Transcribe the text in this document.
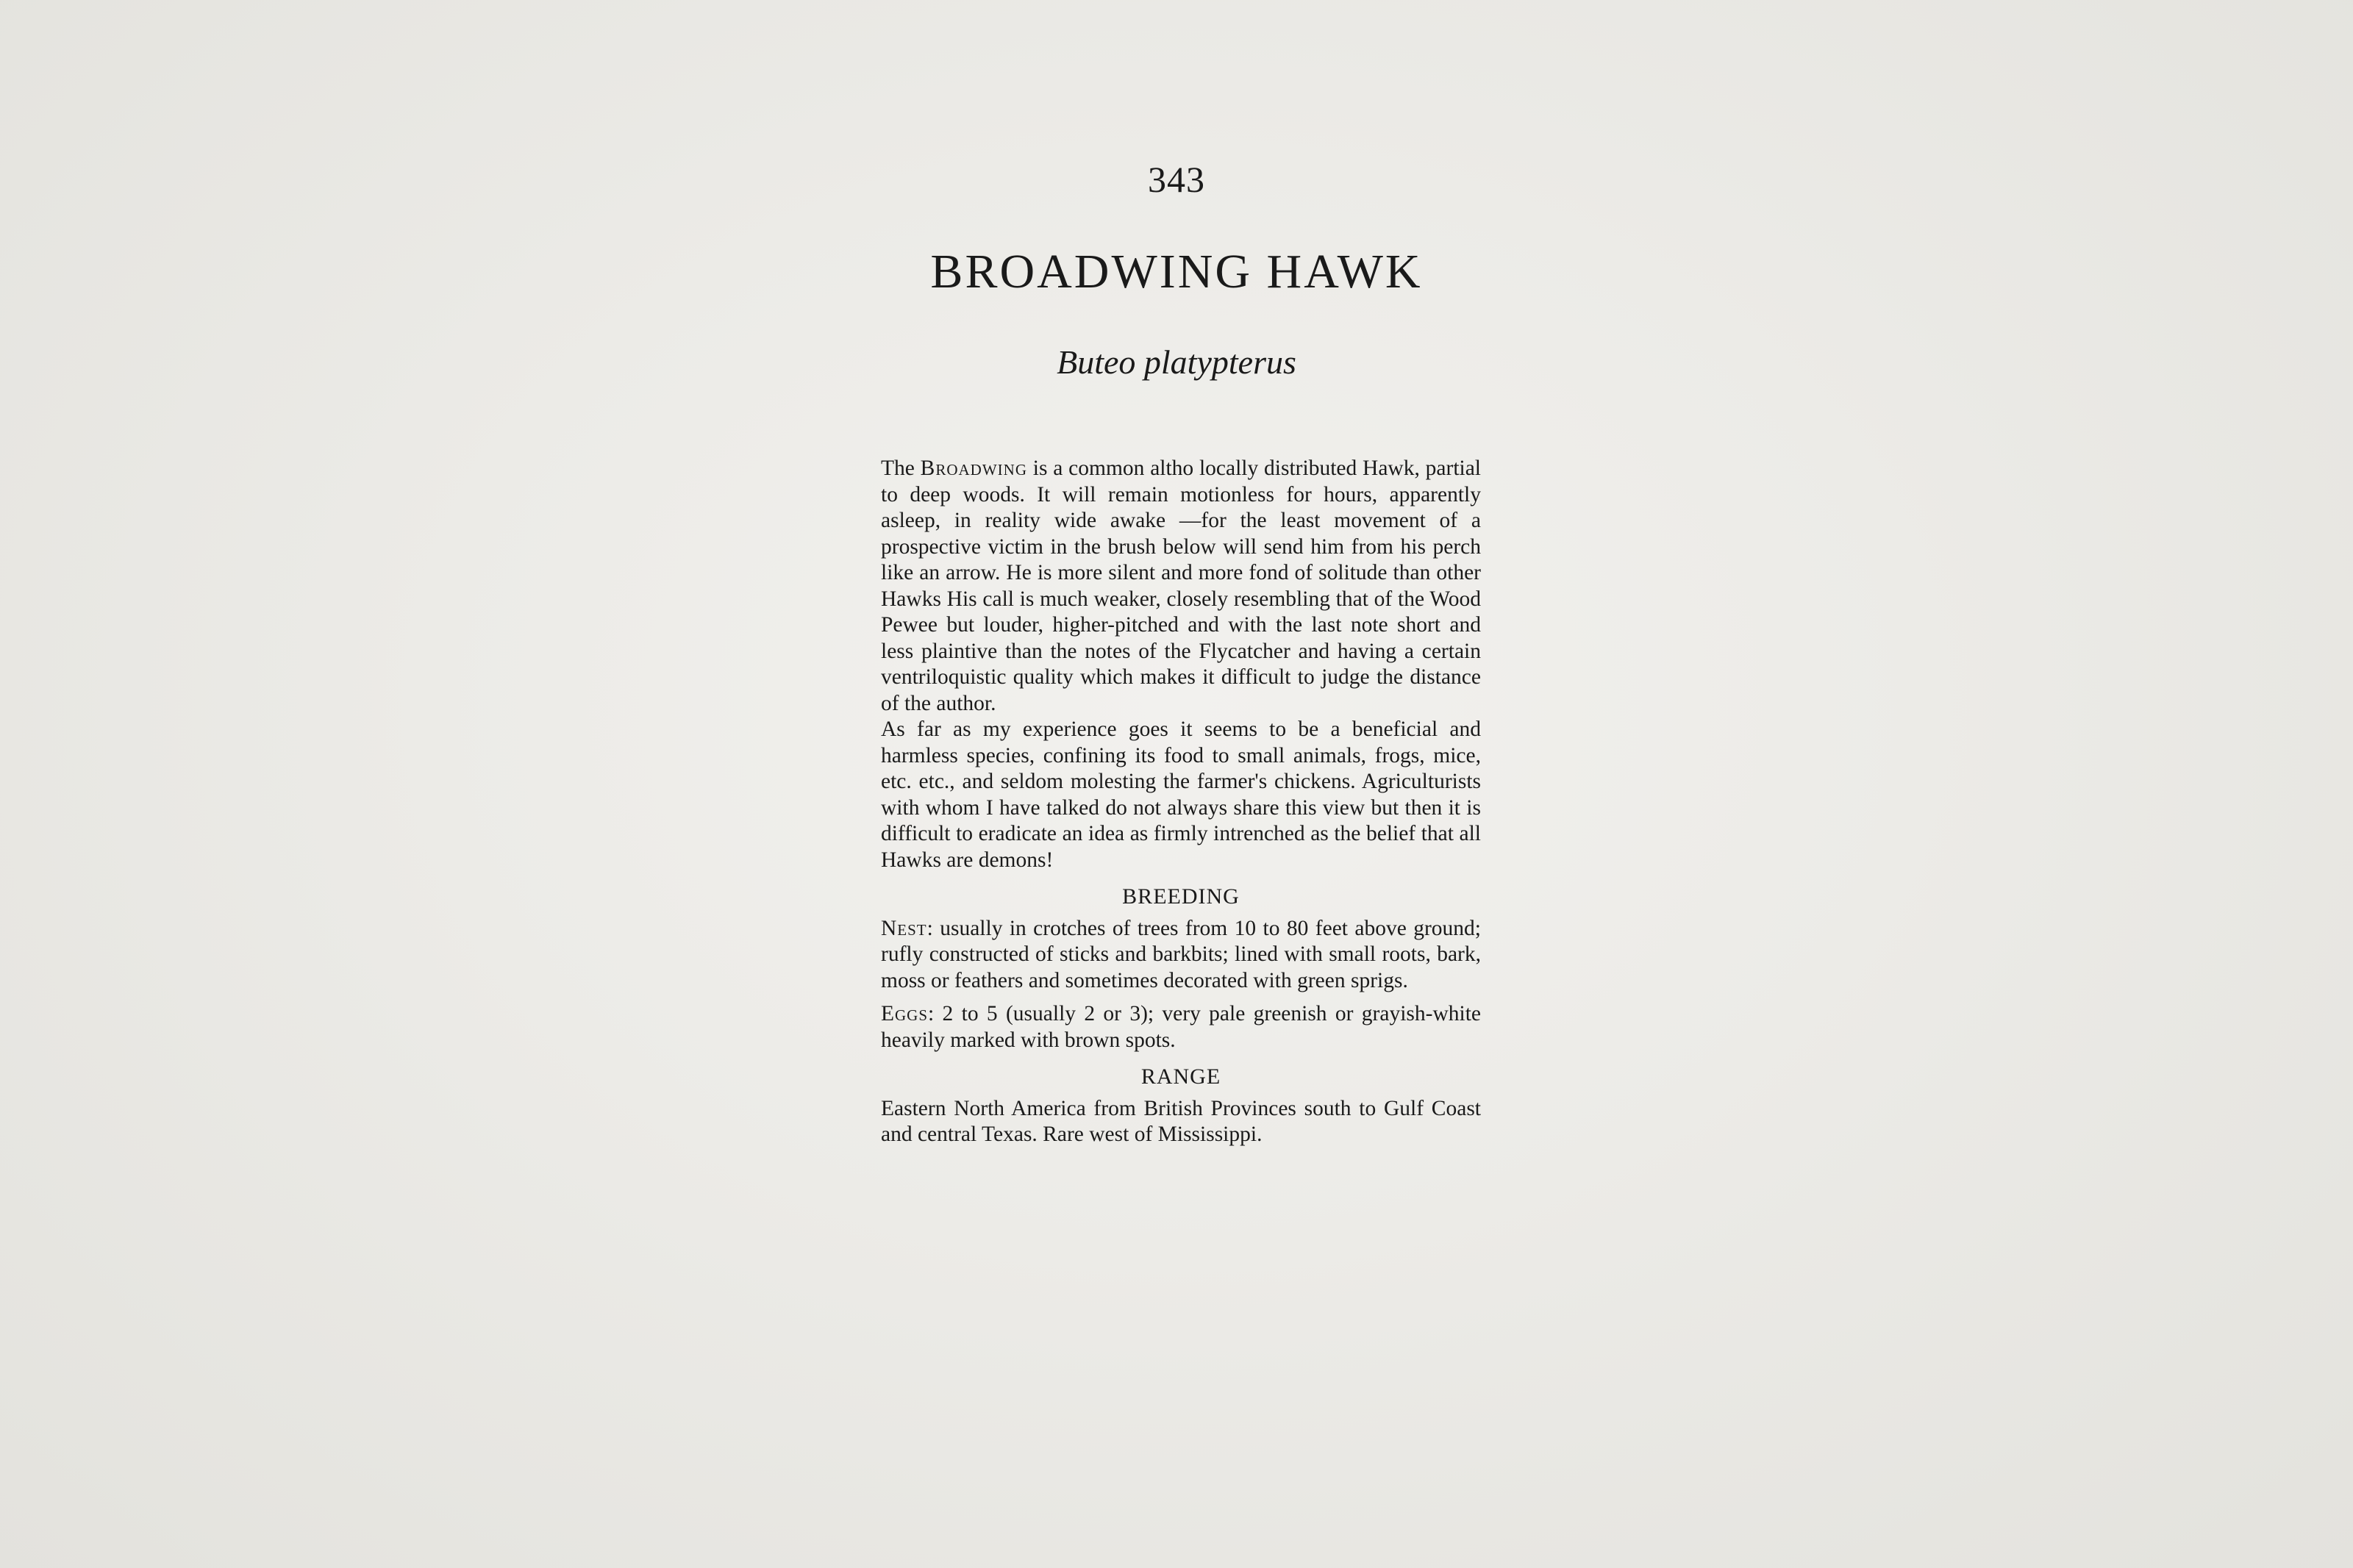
343
BROADWING HAWK
Buteo platypterus

The Broadwing is a common altho locally distributed Hawk, partial to deep woods. It will remain motionless for hours, apparently asleep, in reality wide awake —for the least movement of a prospective victim in the brush below will send him from his perch like an arrow. He is more silent and more fond of solitude than other Hawks His call is much weaker, closely resembling that of the Wood Pewee but louder, higher-pitched and with the last note short and less plaintive than the notes of the Flycatcher and having a certain ventriloquistic quality which makes it difficult to judge the distance of the author.

As far as my experience goes it seems to be a beneficial and harmless species, confining its food to small animals, frogs, mice, etc. etc., and seldom molesting the farmer's chickens. Agriculturists with whom I have talked do not always share this view but then it is difficult to eradicate an idea as firmly intrenched as the belief that all Hawks are demons!

BREEDING

Nest: usually in crotches of trees from 10 to 80 feet above ground; rufly constructed of sticks and barkbits; lined with small roots, bark, moss or feathers and sometimes decorated with green sprigs.

Eggs: 2 to 5 (usually 2 or 3); very pale greenish or grayish-white heavily marked with brown spots.

RANGE

Eastern North America from British Provinces south to Gulf Coast and central Texas. Rare west of Mississippi.
